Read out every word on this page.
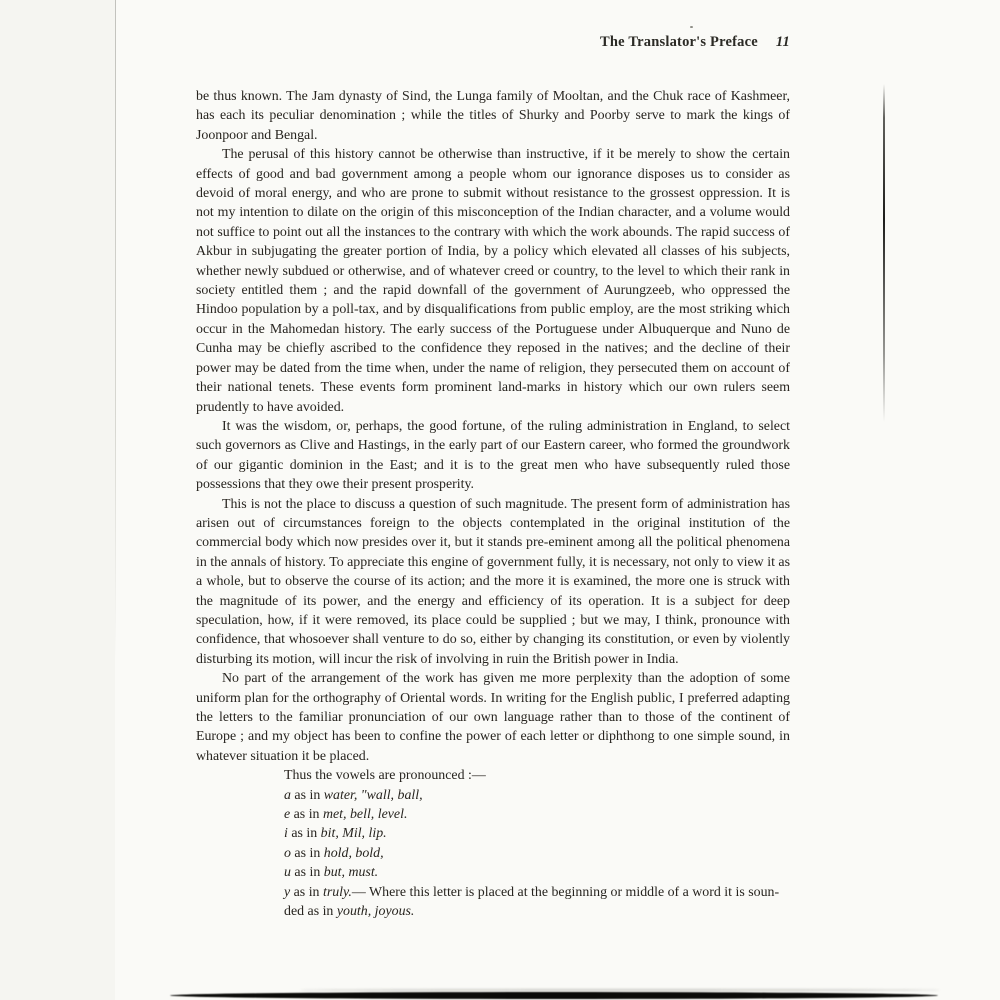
The Translator's Preface 11

be thus known. The Jam dynasty of Sind, the Lunga family of Mooltan, and the Chuk race of Kashmeer, has each its peculiar denomination ; while the titles of Shurky and Poorby serve to mark the kings of Joonpoor and Bengal.

The perusal of this history cannot be otherwise than instructive, if it be merely to show the certain effects of good and bad government among a people whom our ignorance disposes us to consider as devoid of moral energy, and who are prone to submit without resistance to the grossest oppression. It is not my intention to dilate on the origin of this misconception of the Indian character, and a volume would not suffice to point out all the instances to the contrary with which the work abounds. The rapid success of Akbur in subjugating the greater portion of India, by a policy which elevated all classes of his subjects, whether newly subdued or otherwise, and of whatever creed or country, to the level to which their rank in society entitled them ; and the rapid downfall of the government of Aurungzeeb, who oppressed the Hindoo population by a poll-tax, and by disqualifications from public employ, are the most striking which occur in the Mahomedan history. The early success of the Portuguese under Albuquerque and Nuno de Cunha may be chiefly ascribed to the confidence they reposed in the natives; and the decline of their power may be dated from the time when, under the name of religion, they persecuted them on account of their national tenets. These events form prominent land-marks in history which our own rulers seem prudently to have avoided.

It was the wisdom, or, perhaps, the good fortune, of the ruling administration in England, to select such governors as Clive and Hastings, in the early part of our Eastern career, who formed the groundwork of our gigantic dominion in the East; and it is to the great men who have subsequently ruled those possessions that they owe their present prosperity.

This is not the place to discuss a question of such magnitude. The present form of administration has arisen out of circumstances foreign to the objects contemplated in the original institution of the commercial body which now presides over it, but it stands pre-eminent among all the political phenomena in the annals of history. To appreciate this engine of government fully, it is necessary, not only to view it as a whole, but to observe the course of its action; and the more it is examined, the more one is struck with the magnitude of its power, and the energy and efficiency of its operation. It is a subject for deep speculation, how, if it were removed, its place could be supplied ; but we may, I think, pronounce with confidence, that whosoever shall venture to do so, either by changing its constitution, or even by violently disturbing its motion, will incur the risk of involving in ruin the British power in India.

No part of the arrangement of the work has given me more perplexity than the adoption of some uniform plan for the orthography of Oriental words. In writing for the English public, I preferred adapting the letters to the familiar pronunciation of our own language rather than to those of the continent of Europe ; and my object has been to confine the power of each letter or diphthong to one simple sound, in whatever situation it be placed.

Thus the vowels are pronounced :—
a as in water, "wall, ball,
e as in met, bell, level.
i as in bit, Mil, lip.
o as in hold, bold,
u as in but, must.
y as in truly.— Where this letter is placed at the beginning or middle of a word it is soun-
ded as in youth, joyous.
